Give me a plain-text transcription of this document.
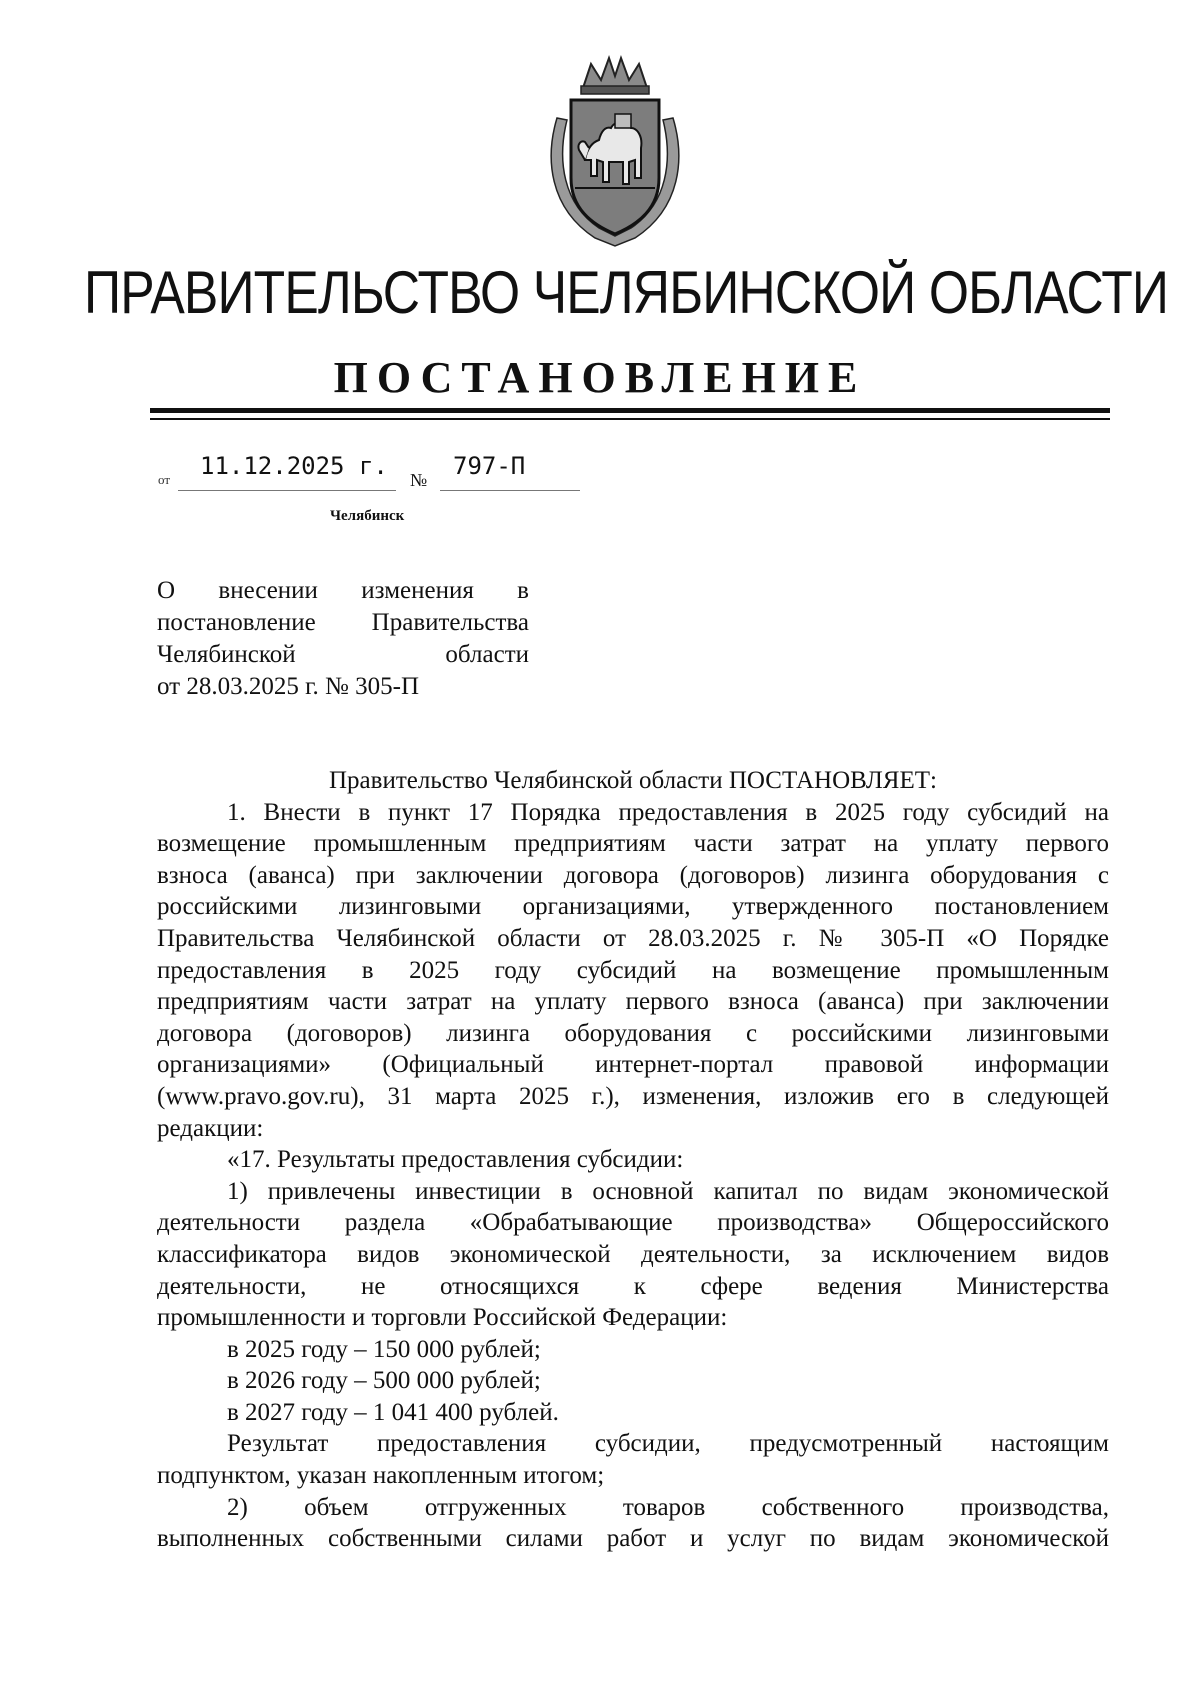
ПРАВИТЕЛЬСТВО ЧЕЛЯБИНСКОЙ ОБЛАСТИ
ПОСТАНОВЛЕНИЕ
от 11.12.2025 г. № 797-П
Челябинск
О внесении изменения в
постановление Правительства
Челябинской области
от 28.03.2025 г. № 305-П

Правительство Челябинской области ПОСТАНОВЛЯЕТ:

1. Внести в пункт 17 Порядка предоставления в 2025 году субсидий на

возмещение промышленным предприятиям части затрат на уплату первого

взноса (аванса) при заключении договора (договоров) лизинга оборудования с

российскими лизинговыми организациями, утвержденного постановлением

Правительства Челябинской области от 28.03.2025 г. № 305-П «О Порядке

предоставления в 2025 году субсидий на возмещение промышленным

предприятиям части затрат на уплату первого взноса (аванса) при заключении

договора (договоров) лизинга оборудования с российскими лизинговыми

организациями» (Официальный интернет-портал правовой информации

(www.pravo.gov.ru), 31 марта 2025 г.), изменения, изложив его в следующей

редакции:

«17. Результаты предоставления субсидии:

1) привлечены инвестиции в основной капитал по видам экономической

деятельности раздела «Обрабатывающие производства» Общероссийского

классификатора видов экономической деятельности, за исключением видов

деятельности, не относящихся к сфере ведения Министерства

промышленности и торговли Российской Федерации:

в 2025 году – 150 000 рублей;

в 2026 году – 500 000 рублей;

в 2027 году – 1 041 400 рублей.

Результат предоставления субсидии, предусмотренный настоящим

подпунктом, указан накопленным итогом;

2) объем отгруженных товаров собственного производства,

выполненных собственными силами работ и услуг по видам экономической
